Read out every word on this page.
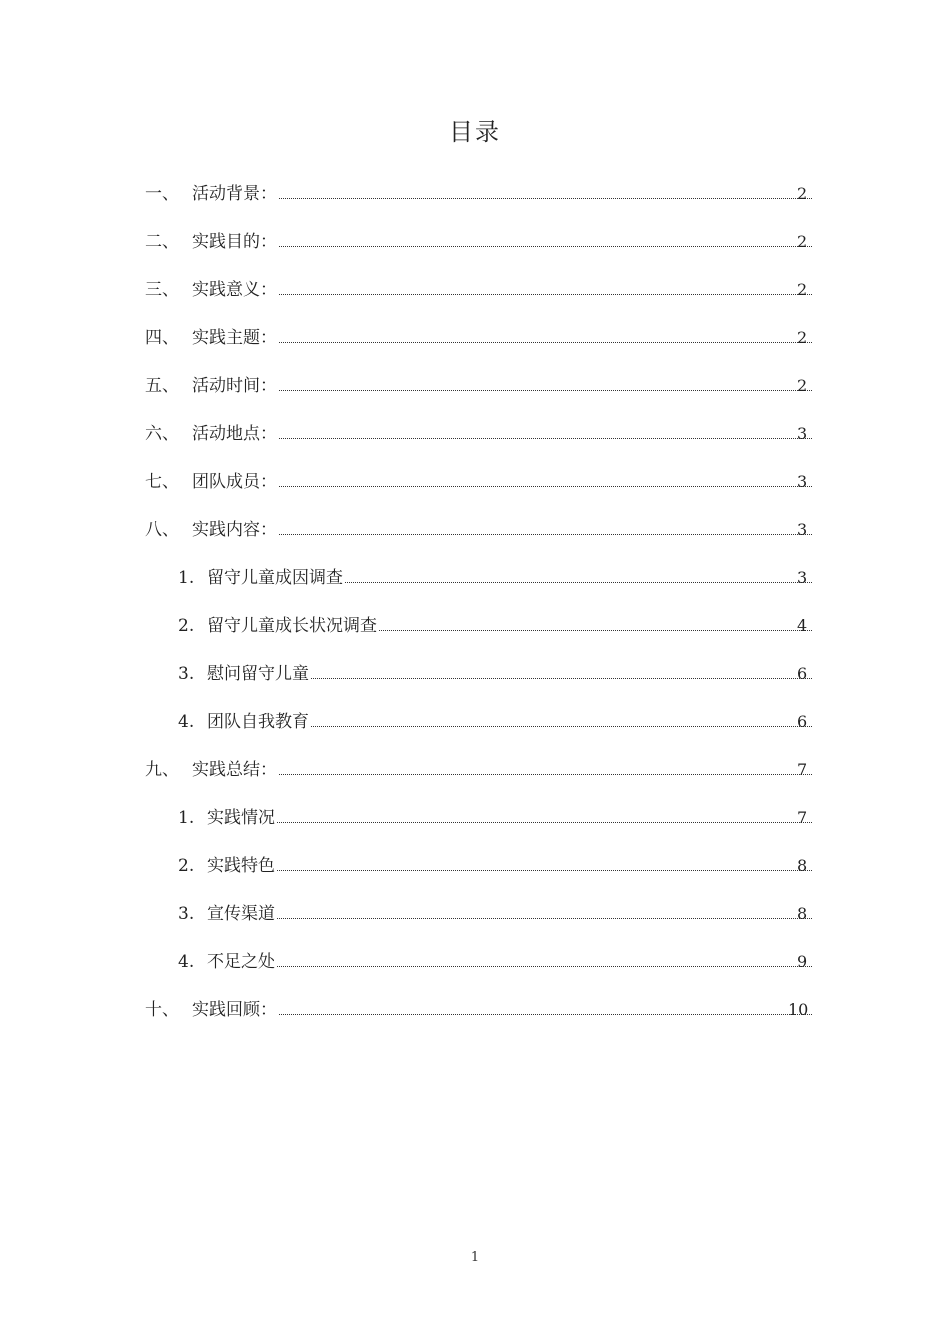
目录
一、 活动背景：	2
二、 实践目的：	2
三、 实践意义：	2
四、 实践主题：	2
五、 活动时间：	2
六、 活动地点：	3
七、 团队成员：	3
八、 实践内容：	3
1. 留守儿童成因调查	3
2. 留守儿童成长状况调查	4
3. 慰问留守儿童	6
4. 团队自我教育	6
九、 实践总结：	7
1. 实践情况	7
2. 实践特色	8
3. 宣传渠道	8
4. 不足之处	9
十、 实践回顾：	10
1
